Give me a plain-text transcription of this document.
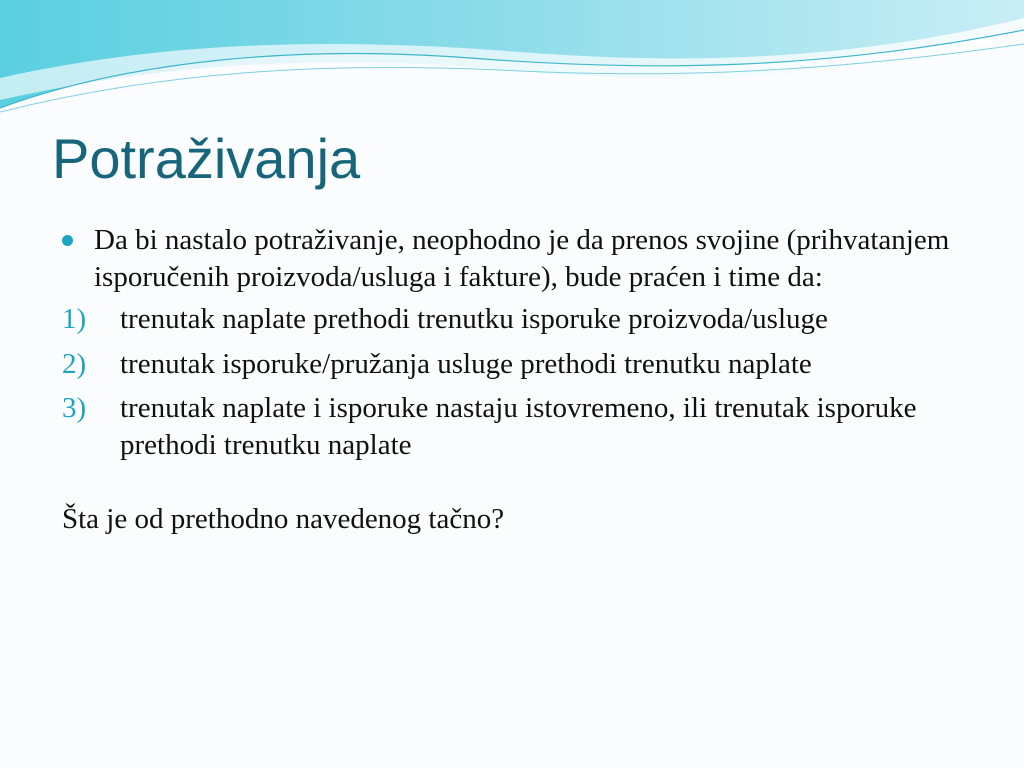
Potraživanja
Da bi nastalo potraživanje, neophodno je da prenos svojine (prihvatanjem isporučenih proizvoda/usluga i fakture), bude praćen i time da:
1) trenutak naplate prethodi trenutku isporuke proizvoda/usluge
2) trenutak isporuke/pružanja usluge prethodi trenutku naplate
3) trenutak naplate i isporuke nastaju istovremeno, ili trenutak isporuke prethodi trenutku naplate
Šta je od prethodno navedenog tačno?
